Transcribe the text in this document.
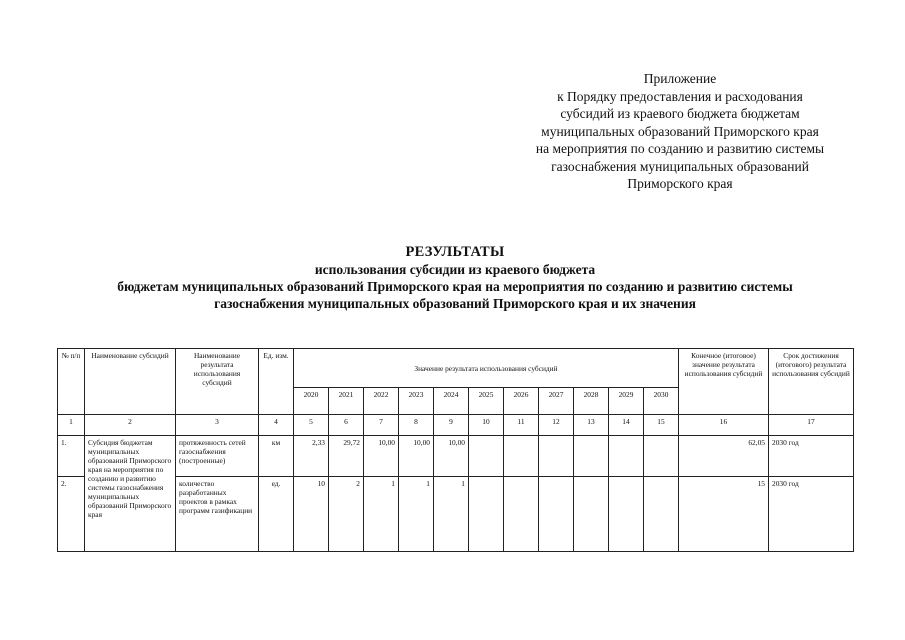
Приложение
к Порядку предоставления и расходования
субсидий из краевого бюджета бюджетам
муниципальных образований Приморского края
на мероприятия по созданию и развитию системы
газоснабжения муниципальных образований
Приморского края
РЕЗУЛЬТАТЫ
использования субсидии из краевого бюджета
бюджетам муниципальных образований Приморского края на мероприятия по созданию и развитию системы
газоснабжения муниципальных образований Приморского края и их значения
№ п/п	Наименование субсидий	Наименование результата использования субсидий	Ед. изм.	Значение результата использования субсидий											Конечное (итоговое) значение результата использования субсидий	Срок достижения (итогового) результата использования субсидий
				2020	2021	2022	2023	2024	2025	2026	2027	2028	2029	2030		
1	2	3	4	5	6	7	8	9	10	11	12	13	14	15	16	17
1.	Субсидия бюджетам муниципальных образований Приморского края на мероприятия по созданию и развитию системы газоснабжения муниципальных образований Приморского края	протяженность сетей газоснабжения (построенные)	км	2,33	29,72	10,00	10,00	10,00							62,05	2030 год
2.		количество разработанных проектов в рамках программ газификации	ед.	10	2	1	1	1							15	2030 год
